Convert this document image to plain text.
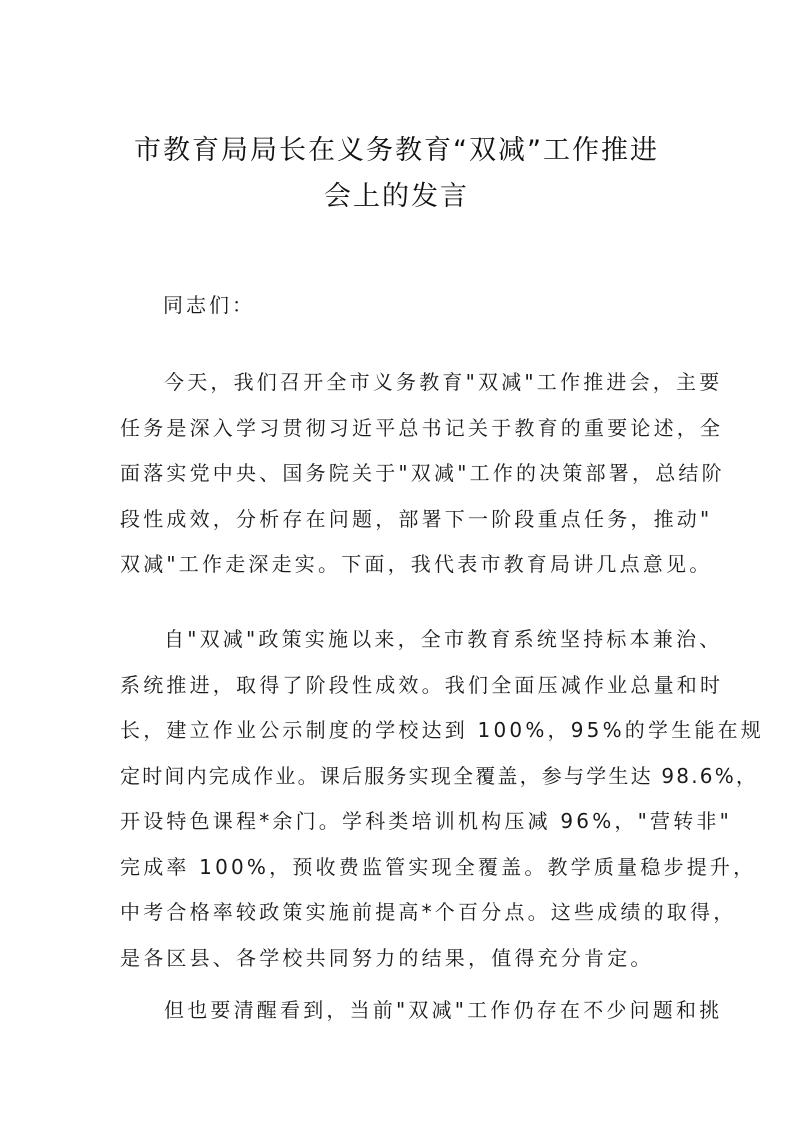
市教育局局长在义务教育“双减”工作推进
会上的发言
同志们：
今天，我们召开全市义务教育"双减"工作推进会，主要
任务是深入学习贯彻习近平总书记关于教育的重要论述，全
面落实党中央、国务院关于"双减"工作的决策部署，总结阶
段性成效，分析存在问题，部署下一阶段重点任务，推动"
双减"工作走深走实。下面，我代表市教育局讲几点意见。
自"双减"政策实施以来，全市教育系统坚持标本兼治、
系统推进，取得了阶段性成效。我们全面压减作业总量和时
长，建立作业公示制度的学校达到 100%，95%的学生能在规
定时间内完成作业。课后服务实现全覆盖，参与学生达 98.6%，
开设特色课程*余门。学科类培训机构压减 96%，"营转非"
完成率 100%，预收费监管实现全覆盖。教学质量稳步提升，
中考合格率较政策实施前提高*个百分点。这些成绩的取得，
是各区县、各学校共同努力的结果，值得充分肯定。
但也要清醒看到，当前"双减"工作仍存在不少问题和挑
